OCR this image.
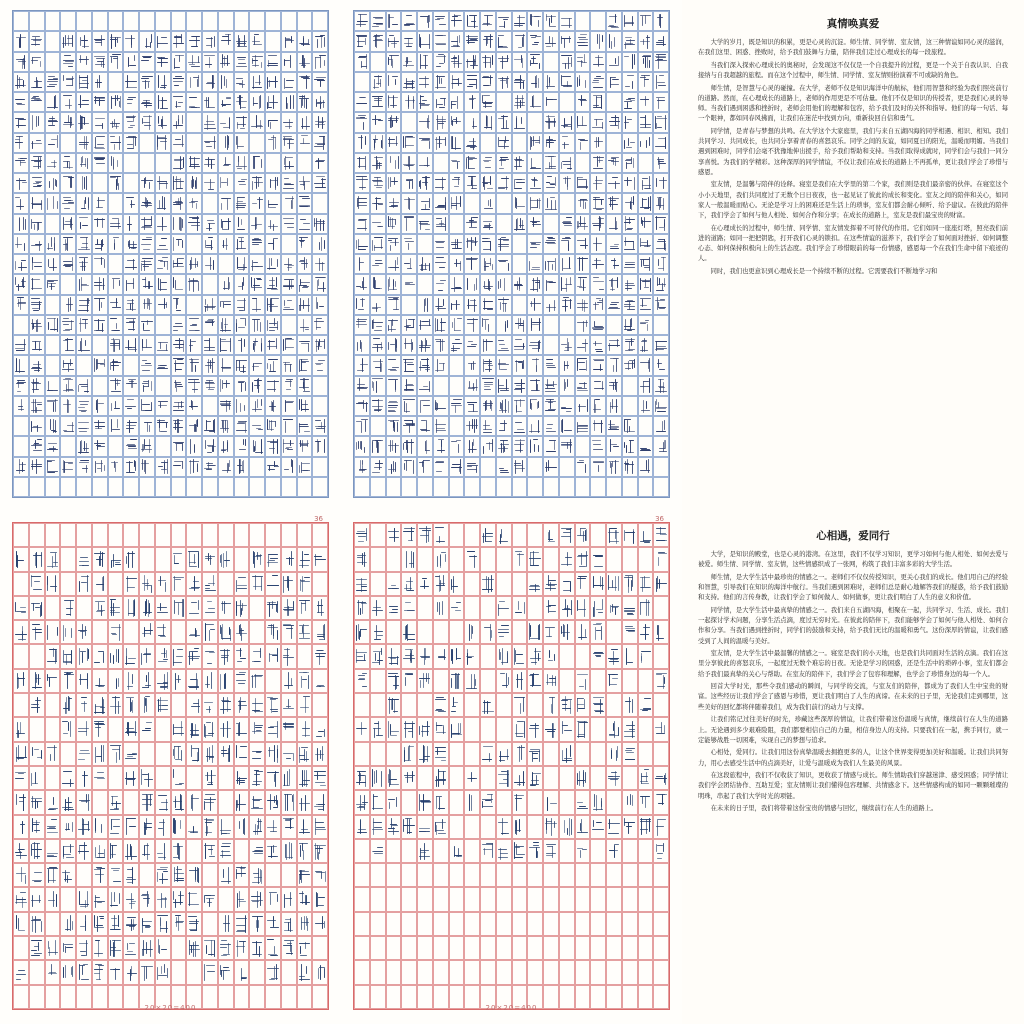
真情唤真爱

大学的岁月，既是知识的积累，更是心灵的沉淀。师生情、同学情、室友情，这三种情谊如同心灵的滋润，在我们这里、困惑、挫败时，给予我们鼓舞与力量，陪伴我们走过心理成长的每一段旅程。

当我们深入探索心理成长的奥秘时，会发现这不仅仅是一个自我提升的过程，更是一个关于自我认识、自我接纳与自我超越的旅程。而在这个过程中，师生情、同学情、室友情则扮演着不可或缺的角色。

师生情，是智慧与心灵的碰撞。在大学，老师不仅是知识海洋中的航标，他们用智慧和经验为我们照亮前行的道路。然而，在心理成长的道路上，老师的作用更是不可估量。他们不仅是知识的传授者，更是我们心灵的导师。当我们遇到困惑和挫折时，老师会用他们的理解和包容，给予我们及时的关怀和指导。他们的每一句话、每一个眼神，都如同春风拂面，让我们在迷茫中找到方向，重新抉回自信和勇气。

同学情，是青春与梦想的共鸣。在大学这个大家庭里，我们与来自五湖四海的同学相遇、相识、相知。我们共同学习、共同成长，也共同分享着青春的喜怒哀乐。同学之间的友谊，如同夏日的阳光，温暖而明媚。当我们遇到困难时，同学们会毫不犹豫地伸出援手，给予我们帮助和支持。当我们取得成就时，同学们会与我们一同分享喜悦。为我们的学精彩。这种深厚的同学情谊，不仅让我们在成长的道路上不再孤单，更让我们学会了珍惜与感恩。

室友情，是温馨与陪伴的诠释。寝室是我们在大学里的第二个家，我们则是我们最亲密的伙伴。在寝室这个小小天地里，我们共同度过了无数个日日夜夜，也一起见证了彼此的成长和变化。室友之间的陪伴和关心，如同家人一般温暖而贴心。无论是学习上的困难还是生活上的琐事，室友们都会耐心倾听、给予建议。在彼此的陪伴下，我们学会了如何与他人相处、如何合作和分享；在成长的道路上，室友是我们最宝贵的财富。

在心理成长的过程中，师生情、同学情、室友情发挥着不可替代的作用。它们如同一座座灯塔，照亮我们前进的道路；如同一把把钥匙，打开我们心灵的锁扣。在这些情谊的滋养下，我们学会了如何面对挫折、如何调整心态、如何保持积极向上的生活态度。我们学会了珍惜眼前的每一份情感，感恩每一个在我们生命中留下痕迹的人。

同时，我们也更意识到心理成长是一个持续不断的过程。它需要我们不断地学习和

36
20×20=400
36
20×20=400
心相遇，爱同行

大学，是知识的殿堂，也是心灵的港湾。在这里，我们不仅学习知识，更学习如何与他人相处、如何去爱与被爱。师生情、同学情、室友情，这些情感织成了一张网，构筑了我们丰富多彩的大学生活。

师生情，是大学生活中最珍贵的情感之一。老师们不仅仅传授知识，更关心我们的成长。他们用自己的经验和智慧，引导我们在知识的海洋中航行。当我们遇到困难时，老师们总是耐心地解答我们的疑惑，给予我们鼓励和支持。他们的言传身教，让我们学会了如何做人、如何做事，更让我们明白了人生的意义和价值。

同学情，是大学生活中最真挚的情感之一。我们来自五湖四海，相聚在一起，共同学习、生活、成长。我们一起探讨学术问题，分享生活点滴，度过无穷时光。在彼此的陪伴下，我们能够学会了如何与他人相处、如何合作和分享。当我们遇到挫折时，同学们的鼓励和支持，给予我们无比的温暖和勇气。这份深厚的情谊，让我们感受到了人间的温暖与美好。

室友情，是大学生活中最温馨的情感之一。寝室是我们的小天地，也是我们共同面对生活的点滴。我们在这里分享彼此的喜怒哀乐，一起度过无数个难忘的日夜。无论是学习的困惑，还是生活中的琐碎小事，室友们都会给予我们最真挚的关心与帮助。在室友的陪伴下，我们学会了包容和理解，也学会了珍惜身边的每一个人。

回首大学时光，那些令我们感动的瞬间，与同学的交流，与室友们的陪伴，都成为了我们人生中宝贵的财富。这些经历让我们学会了感恩与珍惜，更让我们明白了人生的真谛。在未来的日子里，无论我们走到哪里，这些美好的回忆都将伴随着我们，成为我们前行的动力与支撑。

让我们铭记过往美好的时光，珍藏这些深厚的情谊，让我们带着这份温暖与真情，继续前行在人生的道路上。无论遇到多少艰难险阻，我们都要相信自己的力量，相信身边人的支持。只要我们在一起，携手同行，就一定能够战胜一切困难，实现自己的梦想与追求。

心相处，爱同行。让我们用这份真挚温暖去拥抱更多的人，让这个世界变得更加美好和温暖。让我们共同努力，用心去感受生活中的点滴美好，让爱与温暖成为我们人生最美的风景。

在这段旅程中，我们不仅收获了知识，更收获了情感与成长。师生情助我们穿越迷津、感受困惑；同学情让我们学会团结协作、互助互爱；室友情则让我们懂得包容理解、共情感念下。这些情感构成的如同一颗颗璀璨的明珠，串起了我们大学时光的项链。

在未来的日子里，我们将带着这份宝贵的情感与回忆，继续前行在人生的道路上。
